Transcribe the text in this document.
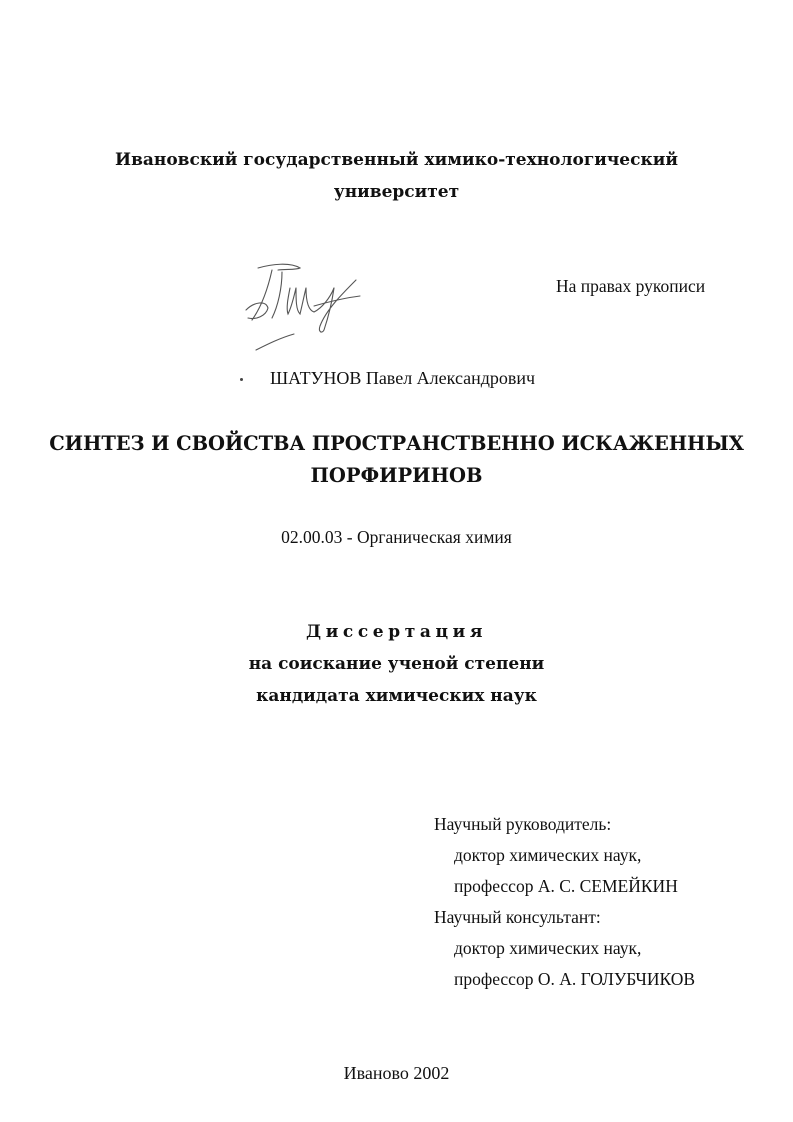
Ивановский государственный химико-технологический
университет
На правах рукописи
ШАТУНОВ Павел Александрович
СИНТЕЗ И СВОЙСТВА ПРОСТРАНСТВЕННО ИСКАЖЕННЫХ
ПОРФИРИНОВ
02.00.03 - Органическая химия
Диссертация
на соискание ученой степени
кандидата химических наук
Научный руководитель:
доктор химических наук,
профессор А. С. СЕМЕЙКИН
Научный консультант:
доктор химических наук,
профессор О. А. ГОЛУБЧИКОВ
Иваново 2002
